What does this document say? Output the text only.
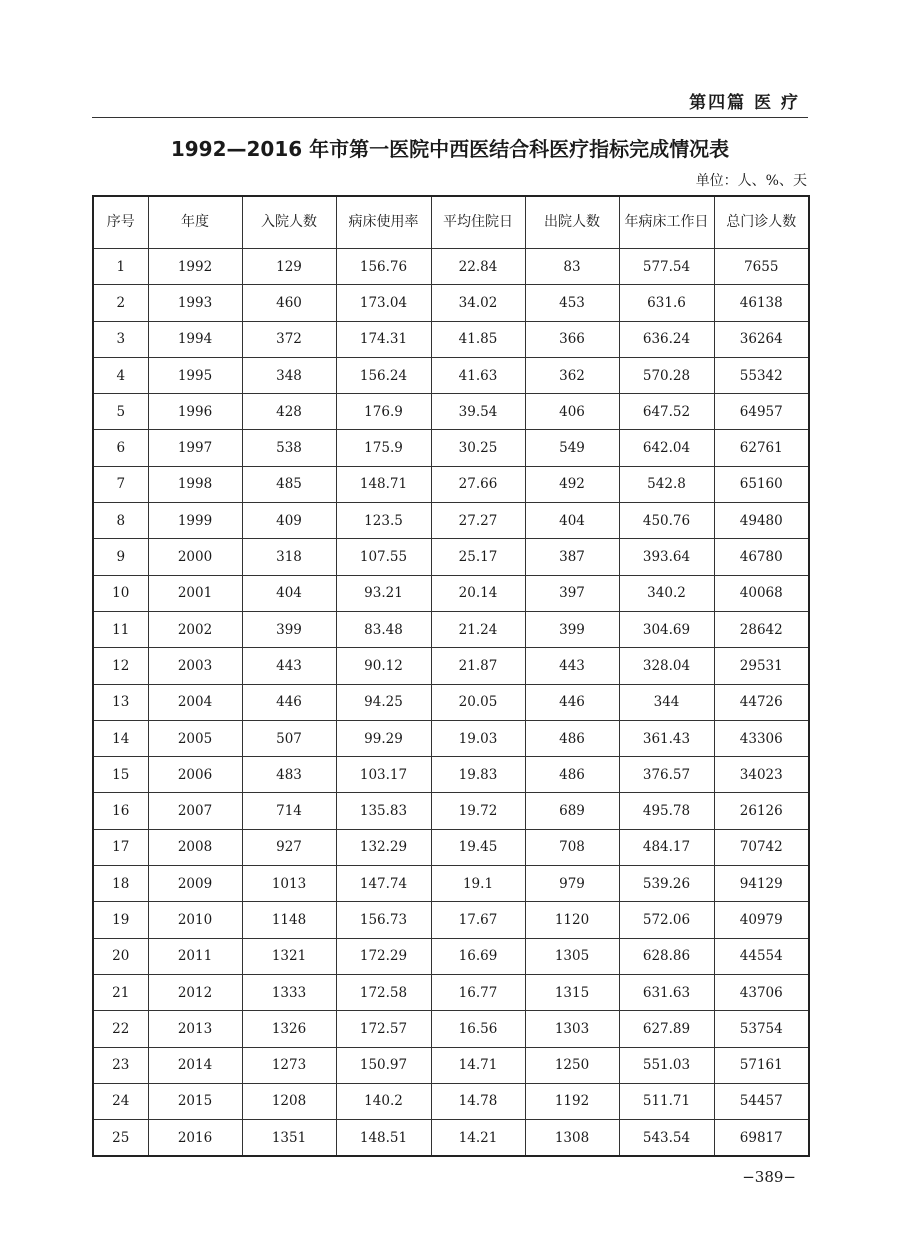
第四篇 医 疗
1992—2016 年市第一医院中西医结合科医疗指标完成情况表
单位：人、%、天
序号	年度	入院人数	病床使用率	平均住院日	出院人数	年病床工作日	总门诊人数
1	1992	129	156.76	22.84	83	577.54	7655
2	1993	460	173.04	34.02	453	631.6	46138
3	1994	372	174.31	41.85	366	636.24	36264
4	1995	348	156.24	41.63	362	570.28	55342
5	1996	428	176.9	39.54	406	647.52	64957
6	1997	538	175.9	30.25	549	642.04	62761
7	1998	485	148.71	27.66	492	542.8	65160
8	1999	409	123.5	27.27	404	450.76	49480
9	2000	318	107.55	25.17	387	393.64	46780
10	2001	404	93.21	20.14	397	340.2	40068
11	2002	399	83.48	21.24	399	304.69	28642
12	2003	443	90.12	21.87	443	328.04	29531
13	2004	446	94.25	20.05	446	344	44726
14	2005	507	99.29	19.03	486	361.43	43306
15	2006	483	103.17	19.83	486	376.57	34023
16	2007	714	135.83	19.72	689	495.78	26126
17	2008	927	132.29	19.45	708	484.17	70742
18	2009	1013	147.74	19.1	979	539.26	94129
19	2010	1148	156.73	17.67	1120	572.06	40979
20	2011	1321	172.29	16.69	1305	628.86	44554
21	2012	1333	172.58	16.77	1315	631.63	43706
22	2013	1326	172.57	16.56	1303	627.89	53754
23	2014	1273	150.97	14.71	1250	551.03	57161
24	2015	1208	140.2	14.78	1192	511.71	54457
25	2016	1351	148.51	14.21	1308	543.54	69817
−389−
